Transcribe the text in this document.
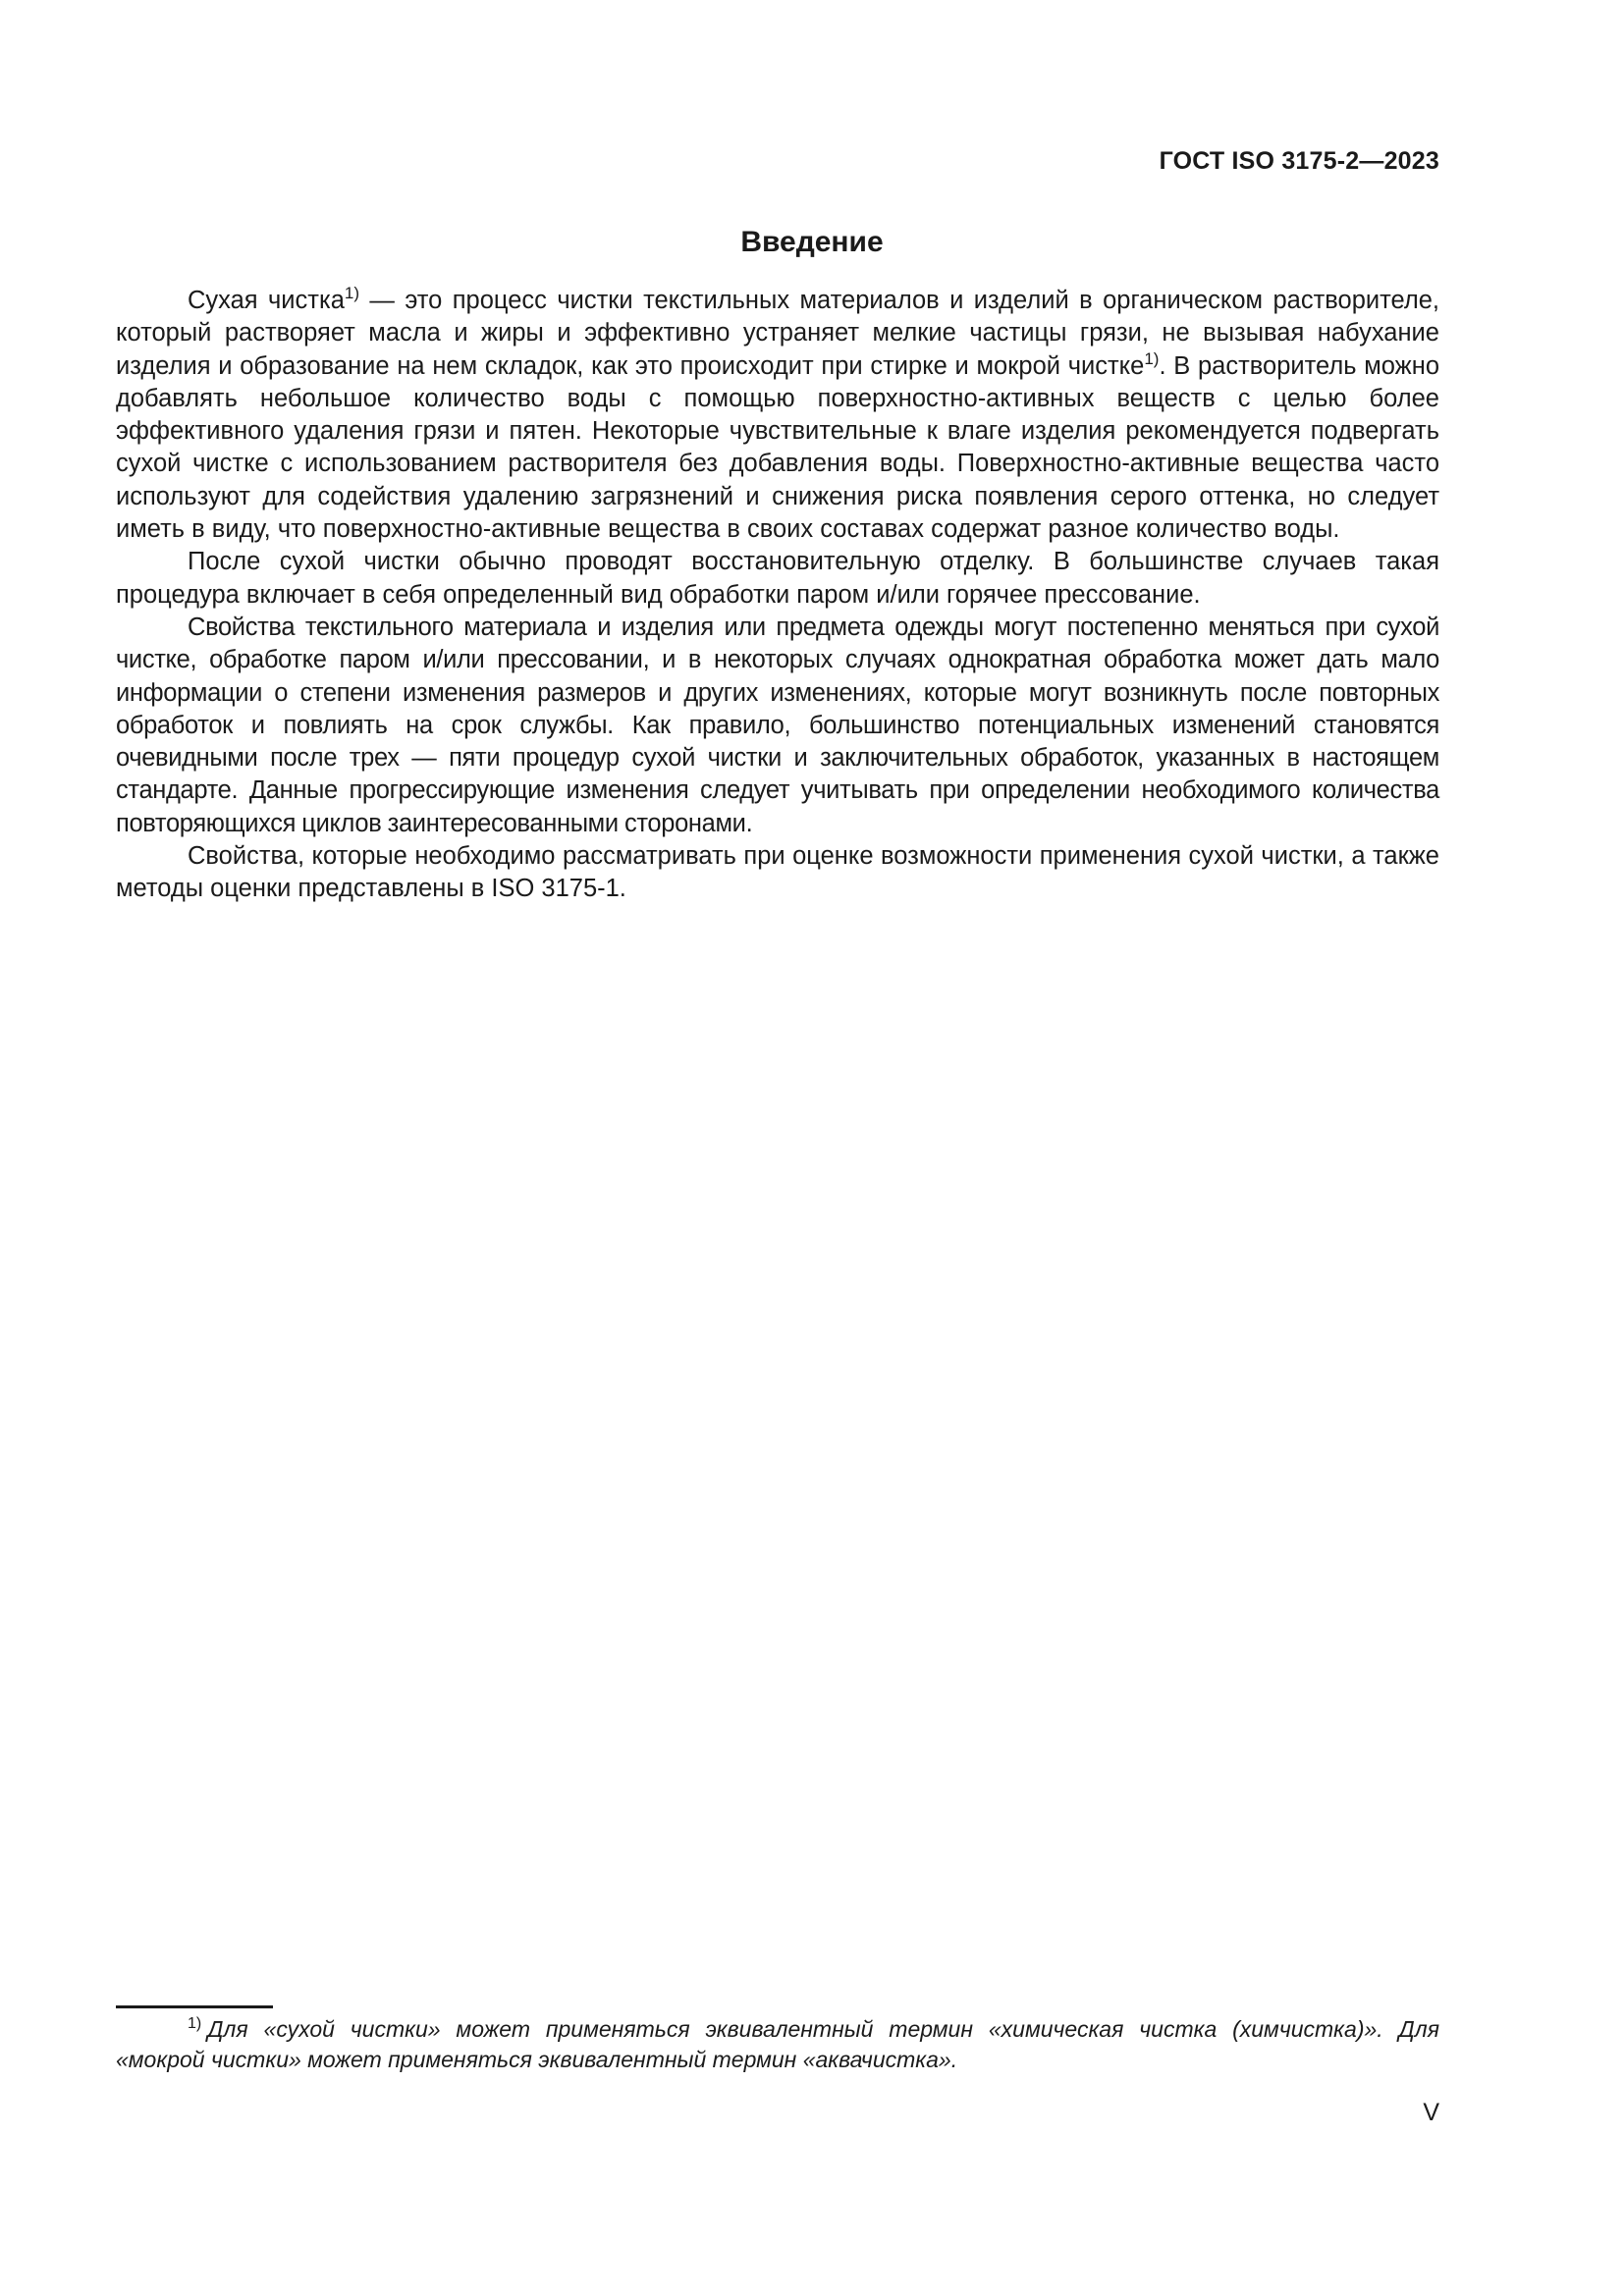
ГОСТ ISO 3175-2—2023
Введение

Сухая чистка$^{1)}$ — это процесс чистки текстильных материалов и изделий в органическом растворителе, который растворяет масла и жиры и эффективно устраняет мелкие частицы грязи, не вызывая набухание изделия и образование на нем складок, как это происходит при стирке и мокрой чистке$^{1)}$. В растворитель можно добавлять небольшое количество воды с помощью поверхностно-активных веществ с целью более эффективного удаления грязи и пятен. Некоторые чувствительные к влаге изделия рекомендуется подвергать сухой чистке с использованием растворителя без добавления воды. Поверхностно-активные вещества часто используют для содействия удалению загрязнений и снижения риска появления серого оттенка, но следует иметь в виду, что поверхностно-активные вещества в своих составах содержат разное количество воды.

После сухой чистки обычно проводят восстановительную отделку. В большинстве случаев такая процедура включает в себя определенный вид обработки паром и/или горячее прессование.

Свойства текстильного материала и изделия или предмета одежды могут постепенно меняться при сухой чистке, обработке паром и/или прессовании, и в некоторых случаях однократная обработка может дать мало информации о степени изменения размеров и других изменениях, которые могут возникнуть после повторных обработок и повлиять на срок службы. Как правило, большинство потенциальных изменений становятся очевидными после трех — пяти процедур сухой чистки и заключительных обработок, указанных в настоящем стандарте. Данные прогрессирующие изменения следует учитывать при определении необходимого количества повторяющихся циклов заинтересованными сторонами.

Свойства, которые необходимо рассматривать при оценке возможности применения сухой чистки, а также методы оценки представлены в ISO 3175-1.

$^{1)}$ Для «сухой чистки» может применяться эквивалентный термин «химическая чистка (химчистка)». Для «мокрой чистки» может применяться эквивалентный термин «аквачистка».

V
